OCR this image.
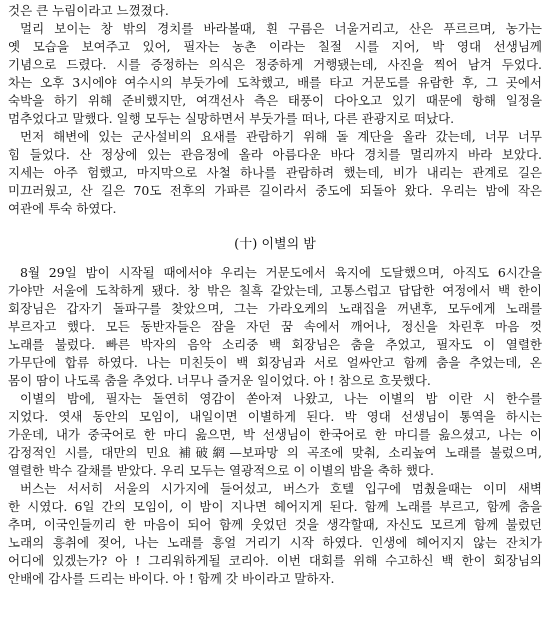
것은 큰 누림이라고 느꼈졌다.
멀리 보이는 창 밖의 경치를 바라볼때, 흰 구름은 너울거리고, 산은 푸르르며, 농가는
옛 모습을 보여주고 있어, 필자는 농촌 이라는 칠절 시를 지어, 박 영대 선생님께
기념으로 드렸다. 시를 증정하는 의식은 정중하게 거행됐는데, 사진을 찍어 남겨 두었다.
차는 오후 3시에야 여수시의 부둣가에 도착했고, 배를 타고 거문도를 유람한 후, 그 곳에서
숙박을 하기 위해 준비했지만, 여객선사 측은 태풍이 다아오고 있기 때문에 항해 일정을
멈추었다고 말했다. 일행 모두는 실망하면서 부둣가를 떠나, 다른 관광지로 떠났다.
먼저 해변에 있는 군사설비의 요새를 관람하기 위해 돌 계단을 올라 갔는데, 너무 너무
힘 들었다. 산 정상에 있는 관음정에 올라 아름다운 바다 경치를 멀리까지 바라 보았다.
지세는 아주 험했고, 마지막으로 사철 하나를 관람하려 했는데, 비가 내리는 관계로 길은
미끄러웠고, 산 길은 70도 전후의 가파른 길이라서 중도에 되돌아 왔다. 우리는 밤에 작은
여관에 투숙 하였다.
(十) 이별의 밤
8월 29일 밤이 시작될 때에서야 우리는 거문도에서 육지에 도달했으며, 아직도 6시간을
가야만 서울에 도착하게 됐다. 창 밖은 칠흑 같았는데, 고통스럽고 답답한 여정에서 백 한이
회장님은 갑자기 돌파구를 찾았으며, 그는 가라오케의 노래집을 꺼낸후, 모두에게 노래를
부르자고 했다. 모든 동반자들은 잠을 자던 꿈 속에서 깨어나, 정신을 차린후 마음 껏
노래를 불렀다. 빠른 박자의 음악 소리중 백 회장님은 춤을 추었고, 필자도 이 열렬한
가무단에 합류 하였다. 나는 미친듯이 백 회장님과 서로 얼싸안고 함께 춤을 추었는데, 온
몸이 땀이 나도록 춤을 추었다. 너무나 즐거운 일이었다. 아 ! 참으로 흐뭇했다.
이별의 밤에, 필자는 돌연히 영감이 쏟아져 나왔고, 나는 이별의 밤 이란 시 한수를
지었다. 엿새 동안의 모임이, 내일이면 이별하게 된다. 박 영대 선생님이 통역을 하시는
가운데, 내가 중국어로 한 마디 읊으면, 박 선생님이 한국어로 한 마디를 읊으셨고, 나는 이
감정적인 시를, 대만의 민요 補破網—보파망 의 곡조에 맞춰, 소리높여 노래를 불렀으며,
열렬한 박수 갈채를 받았다. 우리 모두는 열광적으로 이 이별의 밤을 축하 했다.
버스는 서서히 서울의 시가지에 들어섰고, 버스가 호텔 입구에 멈췄을때는 이미 새벽
한 시였다. 6일 간의 모임이, 이 밤이 지나면 헤어지게 된다. 함께 노래를 부르고, 함께 춤을
추며, 이국인들끼리 한 마음이 되어 함께 웃었던 것을 생각할때, 자신도 모르게 함께 불렀던
노래의 흥취에 젖어, 나는 노래를 흥얼 거리기 시작 하였다. 인생에 헤어지지 않는 잔치가
어디에 있겠는가? 아 ! 그리워하게될 코리아. 이번 대회를 위해 수고하신 백 한이 회장님의
안배에 감사를 드리는 바이다. 아 ! 함께 갓 바이라고 말하자.
